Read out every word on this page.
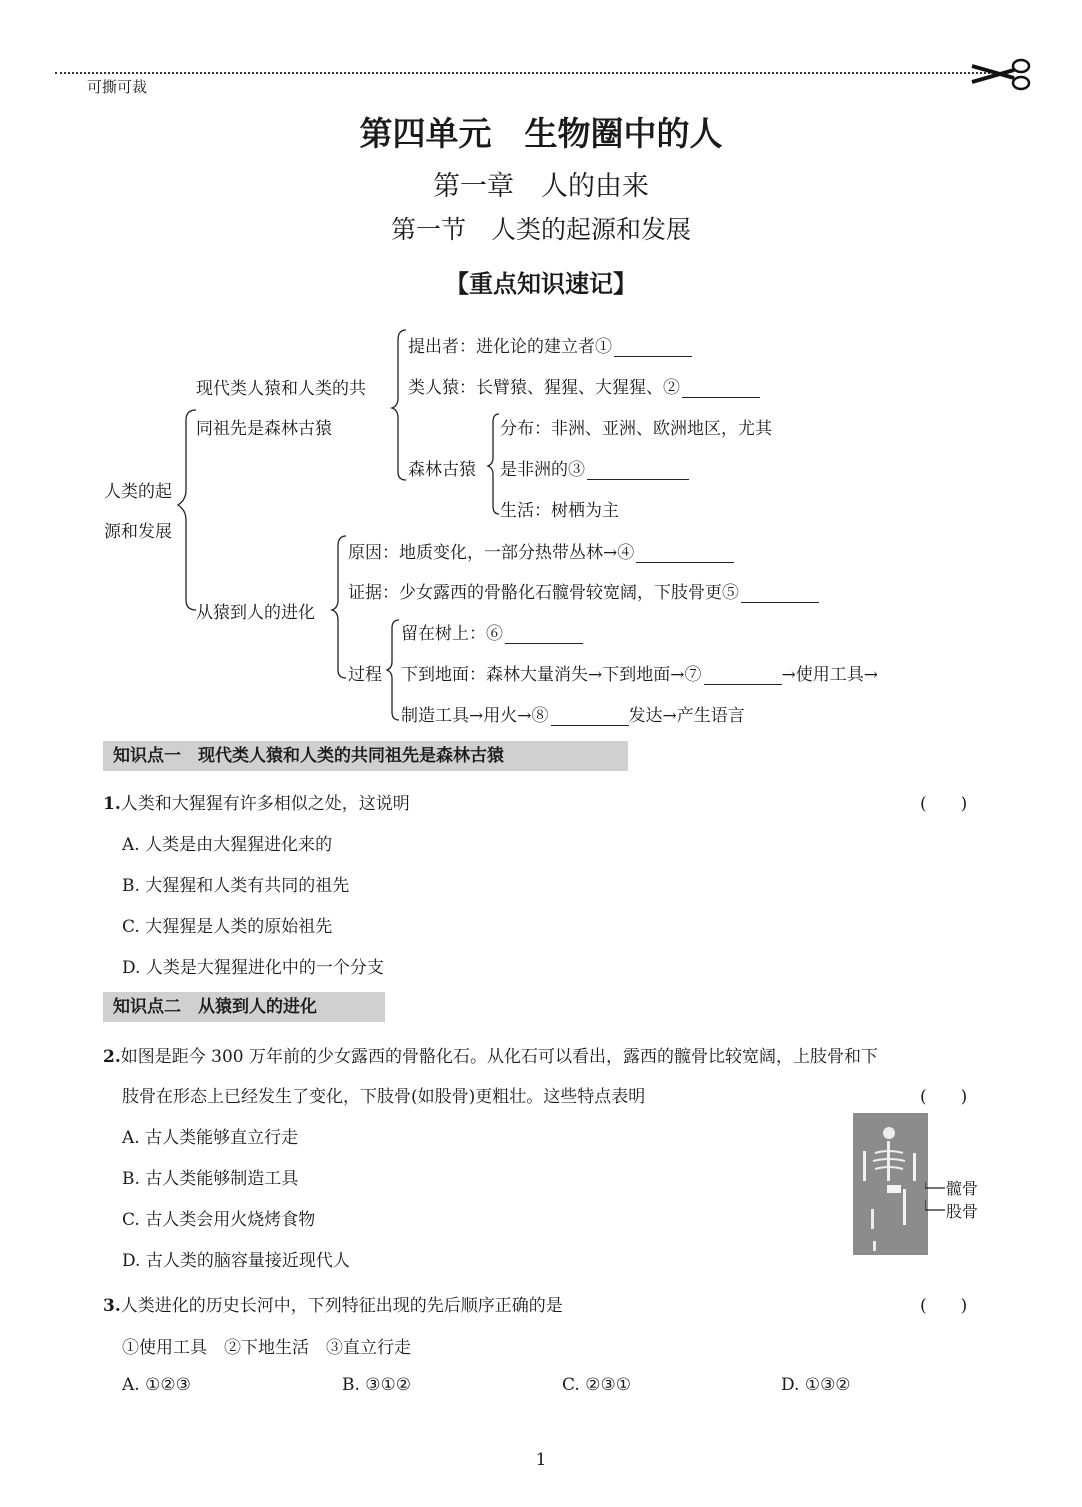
可撕可裁
第四单元　生物圈中的人
第一章　人的由来
第一节　人类的起源和发展
【重点知识速记】
人类的起
源和发展
现代类人猿和人类的共
同祖先是森林古猿
提出者：进化论的建立者①
类人猿：长臂猿、猩猩、大猩猩、②
森林古猿
分布：非洲、亚洲、欧洲地区，尤其
是非洲的③
生活：树栖为主
从猿到人的进化
原因：地质变化，一部分热带丛林→④
证据：少女露西的骨骼化石髋骨较宽阔，下肢骨更⑤
过程
留在树上：⑥
下到地面：森林大量消失→下到地面→⑦	→使用工具→
制造工具→用火→⑧	发达→产生语言
知识点一　现代类人猿和人类的共同祖先是森林古猿
1.人类和大猩猩有许多相似之处，这说明	(　　)
A. 人类是由大猩猩进化来的
B. 大猩猩和人类有共同的祖先
C. 大猩猩是人类的原始祖先
D. 人类是大猩猩进化中的一个分支
知识点二　从猿到人的进化
2.如图是距今 300 万年前的少女露西的骨骼化石。从化石可以看出，露西的髋骨比较宽阔，上肢骨和下
肢骨在形态上已经发生了变化，下肢骨(如股骨)更粗壮。这些特点表明	(　　)
A. 古人类能够直立行走
B. 古人类能够制造工具
C. 古人类会用火烧烤食物
D. 古人类的脑容量接近现代人
髋骨
股骨
3.人类进化的历史长河中，下列特征出现的先后顺序正确的是	(　　)
①使用工具　②下地生活　③直立行走
A. ①②③	B. ③①②	C. ②③①	D. ①③②
1
